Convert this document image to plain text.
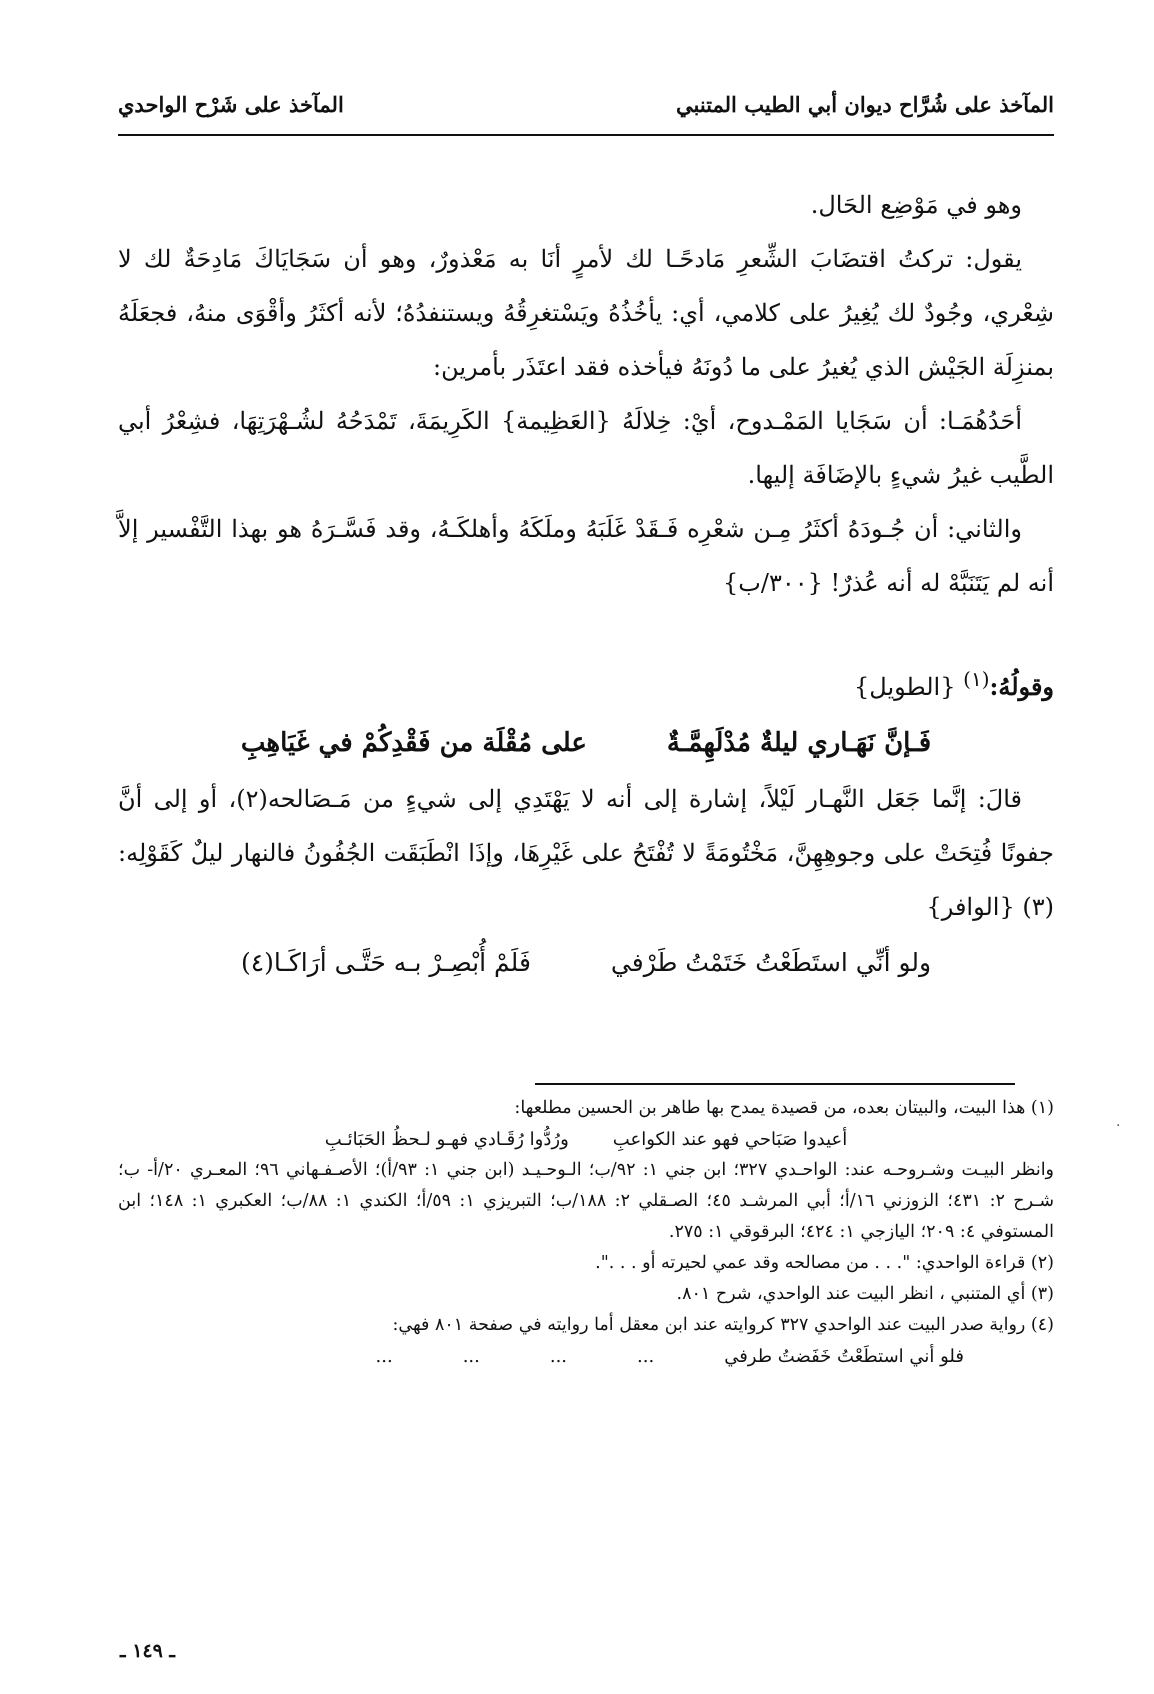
المآخذ على شُرَّاح ديوان أبي الطيب المتنبي
المآخذ على شَرْح الواحدي

وهو في مَوْضِع الحَال.

يقول: تركتُ اقتضَابَ الشِّعرِ مَادحًـا لك لأمرٍ أنَا به مَعْذورٌ، وهو أن سَجَايَاكَ مَادِحَةٌ لك لا شِعْري، وجُودٌ لك يُغِيرُ على كلامي، أي: يأخُذُهُ ويَسْتغرِقُهُ ويستنفدُهُ؛ لأنه أكثَرُ وأقْوَى منهُ، فجعَلَهُ بمنزِلَة الجَيْش الذي يُغيرُ على ما دُونَهُ فيأخذه فقد اعتَذَر بأمرين:

أحَدُهُمَـا: أن سَجَايا المَمْـدوح، أيْ: خِلالَهُ {العَظِيمة} الكَرِيمَةَ، تَمْدَحُهُ لشُـهْرَتِهَا، فشِعْرُ أبي الطَّيب غيرُ شيءٍ بالإضَافَة إليها.

والثاني: أن جُـودَهُ أكثَرُ مِـن شعْرِه فَـقَدْ غَلَبَهُ وملَكَهُ وأهلكَـهُ، وقد فَسَّـرَهُ هو بهذا التَّفْسير إلاَّ أنه لم يَتَنَبَّهْ له أنه عُذرٌ! {٣٠٠/ب}

وقولُهُ:$^{(١)}$ {الطويل}

فَـإنَّ نَهَـاري ليلةٌ مُدْلَهِمَّـةٌ
على مُقْلَة من فَقْدِكُمْ في غَيَاهِبِ

قالَ: إنَّما جَعَل النَّهـار لَيْلاً، إشارة إلى أنه لا يَهْتَدِي إلى شيءٍ من مَـصَالحه(٢)، أو إلى أنَّ جفونًا فُتِحَتْ على وجوهِهِنَّ، مَخْتُومَةً لا تُفْتَحُ على غَيْرِهَا، وإذَا انْطَبَقَت الجُفُونُ فالنهار ليلٌ كَقَوْلِه:(٣) {الوافر}

ولو أنِّي استَطَعْتُ خَتَمْتُ طَرْفي
فَلَمْ أُبْصِـرْ بـه حَتَّـى أرَاكَـا(٤)

(١) هذا البيت، والبيتان بعده، من قصيدة يمدح بها طاهر بن الحسين مطلعها:

أعيدوا صَبَاحي فهو عند الكواعبِ
ورُدُّوا رُقَـادي فهـو لـحظُ الحَبَائـبِ

وانظر البيـت وشـروحـه عند: الواحـدي ٣٢٧؛ ابن جني ١: ٩٢/ب؛ الـوحـيـد (ابن جني ١: ٩٣/أ)؛ الأصـفـهاني ٩٦؛ المعـري ٢٠/أ- ب؛ شـرح ٢: ٤٣١؛ الزوزني ١٦/أ؛ أبي المرشـد ٤٥؛ الصـقلي ٢: ١٨٨/ب؛ التبريزي ١: ٥٩/أ؛ الكندي ١: ٨٨/ب؛ العكبري ١: ١٤٨؛ ابن المستوفي ٤: ٢٠٩؛ اليازجي ١: ٤٢٤؛ البرقوقي ١: ٢٧٥.

(٢) قراءة الواحدي: ". . . من مصالحه وقد عمي لحيرته أو . . .".

(٣) أي المتنبي ، انظر البيت عند الواحدي، شرح ٨٠١.

(٤) رواية صدر البيت عند الواحدي ٣٢٧ كروايته عند ابن معقل أما روايته في صفحة ٨٠١ فهي:

فلو أني استطَعْتُ خَفَضتُ طرفي
...
...
...
...
ـ ١٤٩ ـ
·
